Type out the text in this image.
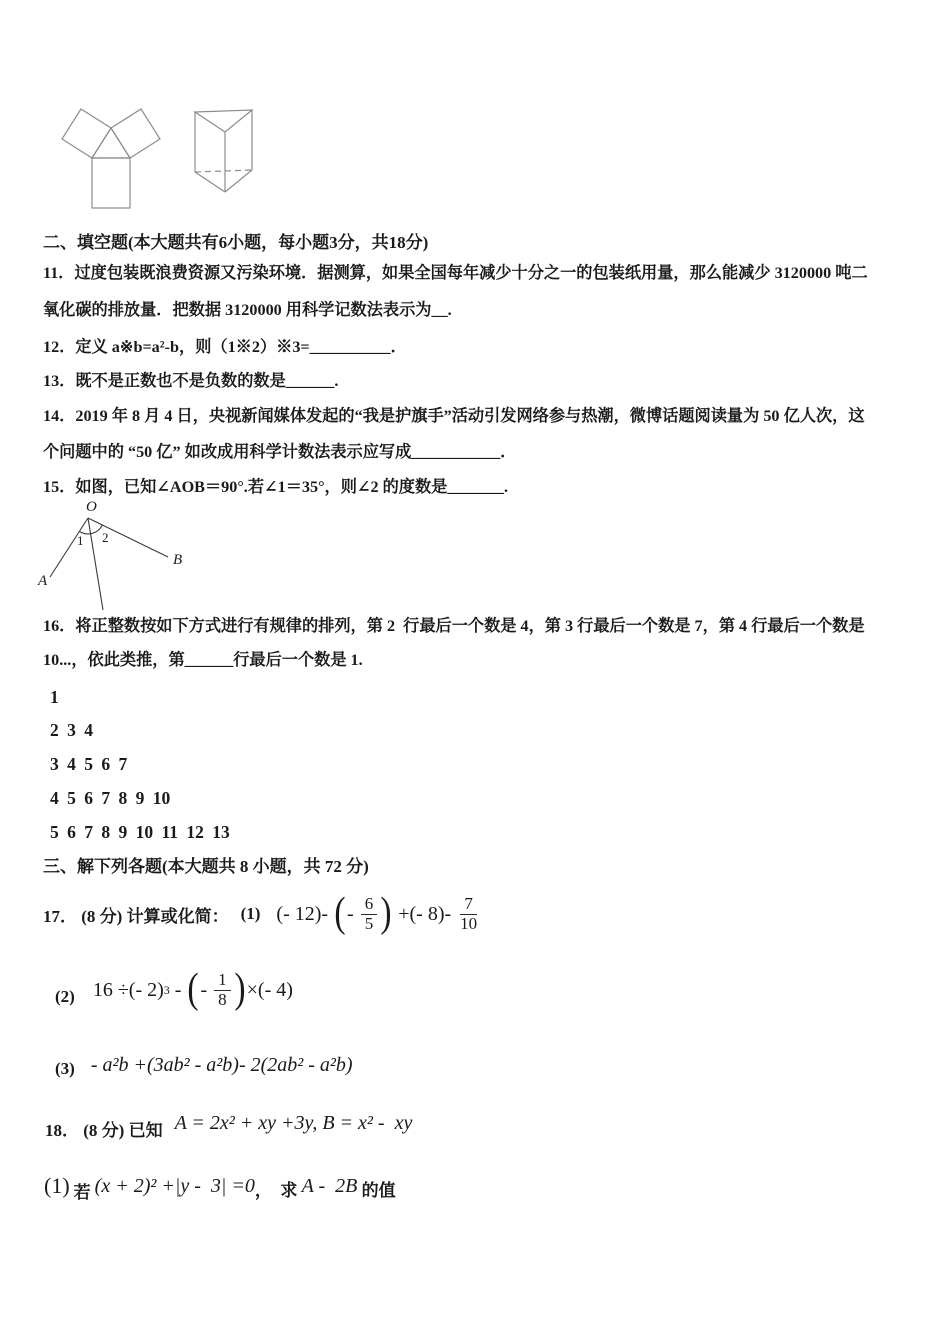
二、填空题(本大题共有6小题，每小题3分，共18分)
11．过度包装既浪费资源又污染环境．据测算，如果全国每年减少十分之一的包装纸用量，那么能减少 3120000 吨二
氧化碳的排放量．把数据 3120000 用科学记数法表示为__.
12．定义 a※b=a²-b，则（1※2）※3=__________．
13．既不是正数也不是负数的数是______.
14．2019 年 8 月 4 日，央视新闻媒体发起的“我是护旗手”活动引发网络参与热潮，微博话题阅读量为 50 亿人次，这
个问题中的 “50 亿” 如改成用科学计数法表示应写成___________．
15．如图，已知∠AOB＝90°.若∠1＝35°，则∠2 的度数是_______.
O
A
B
1 2
16．将正整数按如下方式进行有规律的排列，第 2  行最后一个数是 4，第 3 行最后一个数是 7，第 4 行最后一个数是
10...，依此类推，第______行最后一个数是 1.
1
2 3 4
3 4 5 6 7
4 5 6 7 8 9 10
5 6 7 8 9 10 11 12 13
三、解下列各题(本大题共 8 小题，共 72 分)
17． (8 分) 计算或化简： (1) (- 12)- ( - $\frac{6}{5}$ ) +(- $8)- \frac{7}{10}$
(2) 16 ÷(- 2) 3 - ( - $\frac{1}{8}$ ) ×(- 4)
(3) - a²b +(3ab² - a²b)- 2(2ab² - a²b)
18． (8 分) 已知 A = 2x² + xy +3y, B = x² -  xy
(1) 若 (x + 2)² +|y -  3| =0 ，  求 A -  2B 的值
